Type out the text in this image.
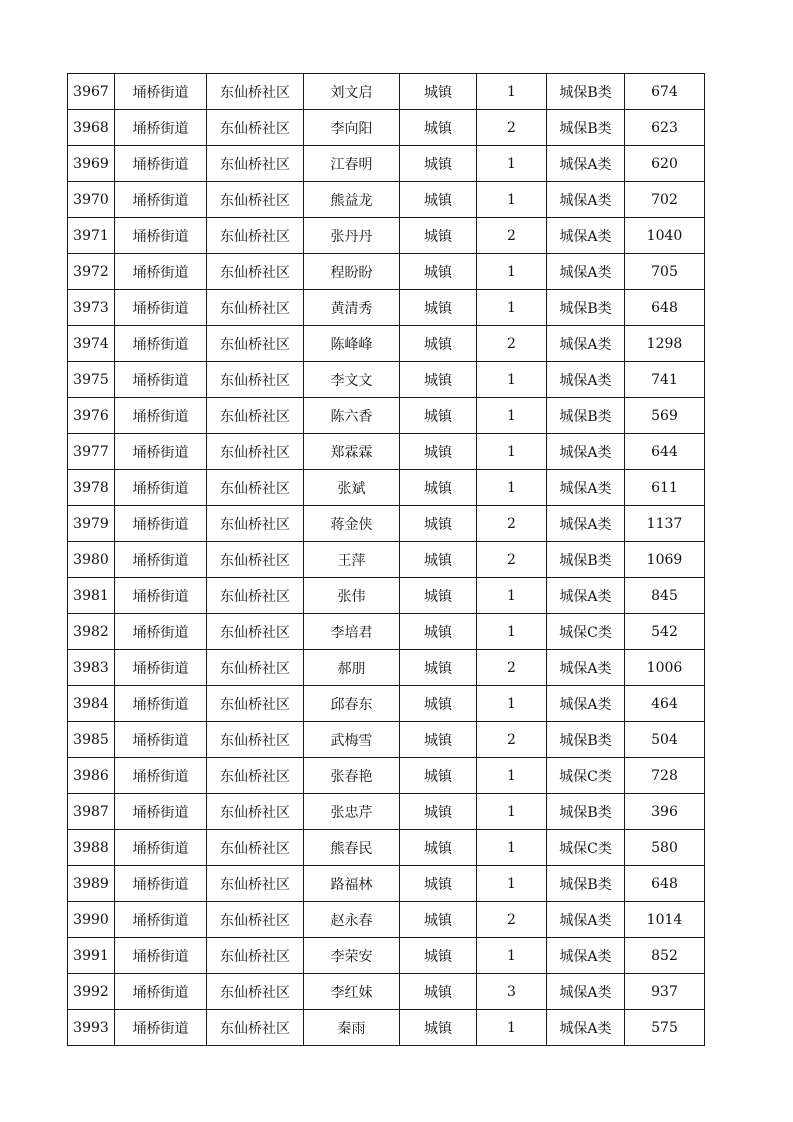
3967	埇桥街道	东仙桥社区	刘文启	城镇	1	城保B类	674
3968	埇桥街道	东仙桥社区	李向阳	城镇	2	城保B类	623
3969	埇桥街道	东仙桥社区	江春明	城镇	1	城保A类	620
3970	埇桥街道	东仙桥社区	熊益龙	城镇	1	城保A类	702
3971	埇桥街道	东仙桥社区	张丹丹	城镇	2	城保A类	1040
3972	埇桥街道	东仙桥社区	程盼盼	城镇	1	城保A类	705
3973	埇桥街道	东仙桥社区	黄清秀	城镇	1	城保B类	648
3974	埇桥街道	东仙桥社区	陈峰峰	城镇	2	城保A类	1298
3975	埇桥街道	东仙桥社区	李文文	城镇	1	城保A类	741
3976	埇桥街道	东仙桥社区	陈六香	城镇	1	城保B类	569
3977	埇桥街道	东仙桥社区	郑霖霖	城镇	1	城保A类	644
3978	埇桥街道	东仙桥社区	张斌	城镇	1	城保A类	611
3979	埇桥街道	东仙桥社区	蒋金侠	城镇	2	城保A类	1137
3980	埇桥街道	东仙桥社区	王萍	城镇	2	城保B类	1069
3981	埇桥街道	东仙桥社区	张伟	城镇	1	城保A类	845
3982	埇桥街道	东仙桥社区	李培君	城镇	1	城保C类	542
3983	埇桥街道	东仙桥社区	郝朋	城镇	2	城保A类	1006
3984	埇桥街道	东仙桥社区	邱春东	城镇	1	城保A类	464
3985	埇桥街道	东仙桥社区	武梅雪	城镇	2	城保B类	504
3986	埇桥街道	东仙桥社区	张春艳	城镇	1	城保C类	728
3987	埇桥街道	东仙桥社区	张忠芹	城镇	1	城保B类	396
3988	埇桥街道	东仙桥社区	熊春民	城镇	1	城保C类	580
3989	埇桥街道	东仙桥社区	路福林	城镇	1	城保B类	648
3990	埇桥街道	东仙桥社区	赵永春	城镇	2	城保A类	1014
3991	埇桥街道	东仙桥社区	李荣安	城镇	1	城保A类	852
3992	埇桥街道	东仙桥社区	李红妹	城镇	3	城保A类	937
3993	埇桥街道	东仙桥社区	秦雨	城镇	1	城保A类	575
